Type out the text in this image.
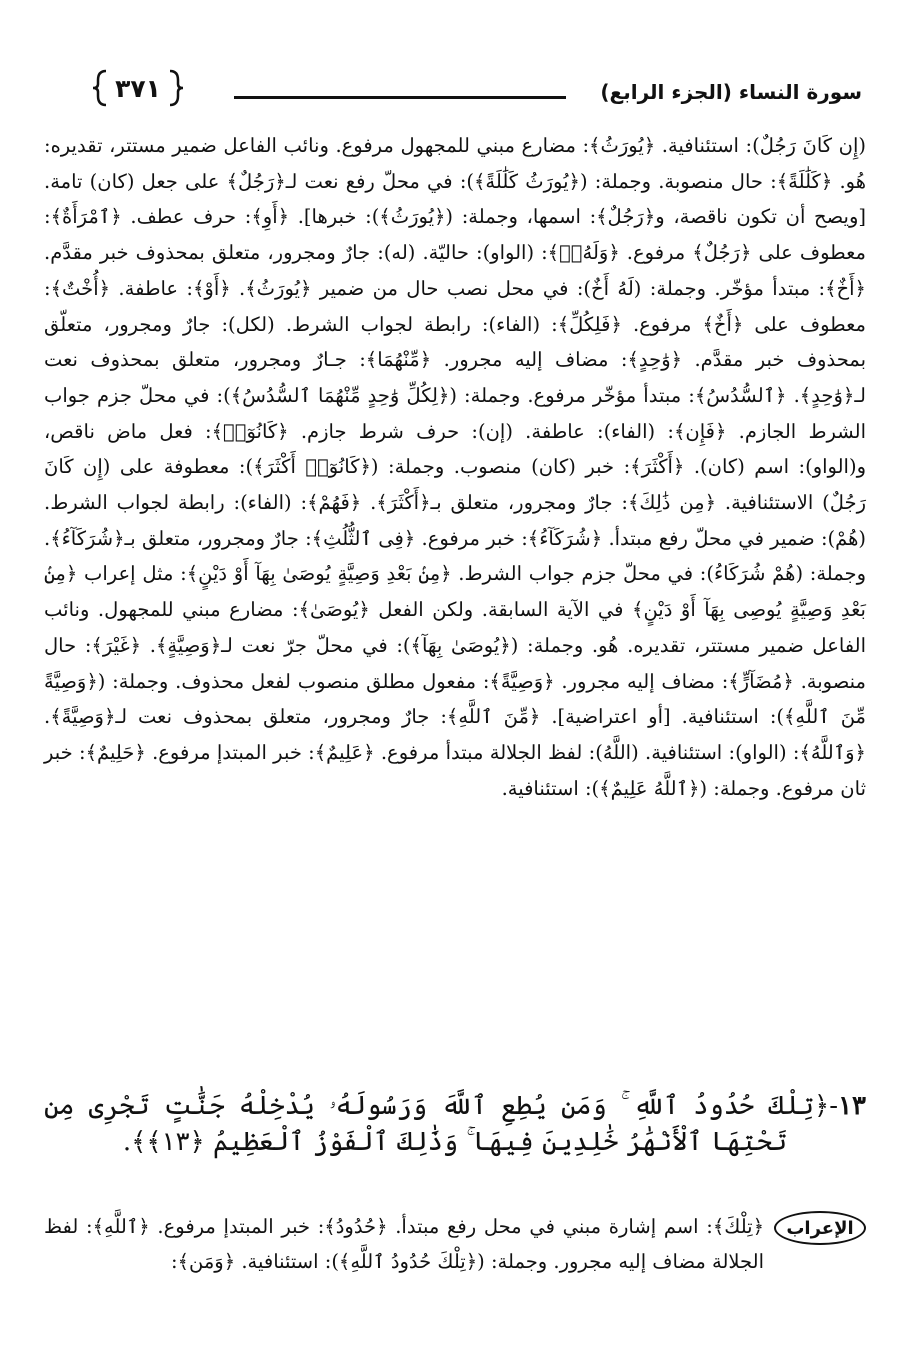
سورة النساء (الجزء الرابع)
٣٧١

(إِن كَانَ رَجُلٌ): استئنافية. ﴿يُورَثُ﴾: مضارع مبني للمجهول مرفوع. ونائب الفاعل ضمير مستتر، تقديره: هُو. ﴿كَلَٰلَةً﴾: حال منصوبة. وجملة: (﴿يُورَثُ كَلَٰلَةً﴾): في محلّ رفع نعت لـ﴿رَجُلٌ﴾ على جعل (كان) تامة. [ويصح أن تكون ناقصة، و﴿رَجُلٌ﴾: اسمها، وجملة: (﴿يُورَثُ﴾): خبرها]. ﴿أَوِ﴾: حرف عطف. ﴿ٱمْرَأَةٌ﴾: معطوف على ﴿رَجُلٌ﴾ مرفوع. ﴿وَلَهُۥٓ﴾: (الواو): حاليّة. (له): جارٌ ومجرور، متعلق بمحذوف خبر مقدَّم. ﴿أَخٌ﴾: مبتدأ مؤخّر. وجملة: (لَهُ أَخٌ): في محل نصب حال من ضمير ﴿يُورَثُ﴾. ﴿أَوْ﴾: عاطفة. ﴿أُخْتٌ﴾: معطوف على ﴿أَخٌ﴾ مرفوع. ﴿فَلِكُلِّ﴾: (الفاء): رابطة لجواب الشرط. (لكل): جارٌ ومجرور، متعلّق بمحذوف خبر مقدَّم. ﴿وَٰحِدٍ﴾: مضاف إليه مجرور. ﴿مِّنْهُمَا﴾: جـارٌ ومجرور، متعلق بمحذوف نعت لـ﴿وَٰحِدٍ﴾. ﴿ٱلسُّدُسُ﴾: مبتدأ مؤخّر مرفوع. وجملة: (﴿لِكُلِّ وَٰحِدٍ مِّنْهُمَا ٱلسُّدُسُ﴾): في محلّ جزم جواب الشرط الجازم. ﴿فَإِن﴾: (الفاء): عاطفة. (إن): حرف شرط جازم. ﴿كَانُوٓا۟﴾: فعل ماض ناقص، و(الواو): اسم (كان). ﴿أَكْثَرَ﴾: خبر (كان) منصوب. وجملة: (﴿كَانُوٓا۟ أَكْثَرَ﴾): معطوفة على (إِن كَانَ رَجُلٌ) الاستئنافية. ﴿مِن ذَٰلِكَ﴾: جارٌ ومجرور، متعلق بـ﴿أَكْثَرَ﴾. ﴿فَهُمْ﴾: (الفاء): رابطة لجواب الشرط. (هُمْ): ضمير في محلّ رفع مبتدأ. ﴿شُرَكَآءُ﴾: خبر مرفوع. ﴿فِى ٱلثُّلُثِ﴾: جارٌ ومجرور، متعلق بـ﴿شُرَكَآءُ﴾. وجملة: (هُمْ شُرَكَاءُ): في محلّ جزم جواب الشرط. ﴿مِنۢ بَعْدِ وَصِيَّةٍ يُوصَىٰ بِهَآ أَوْ دَيْنٍ﴾: مثل إعراب ﴿مِنۢ بَعْدِ وَصِيَّةٍ يُوصِى بِهَآ أَوْ دَيْنٍ﴾ في الآية السابقة. ولكن الفعل ﴿يُوصَىٰ﴾: مضارع مبني للمجهول. ونائب الفاعل ضمير مستتر، تقديره. هُو. وجملة: (﴿يُوصَىٰ بِهَآ﴾): في محلّ جرّ نعت لـ﴿وَصِيَّةٍ﴾. ﴿غَيْرَ﴾: حال منصوبة. ﴿مُضَآرٍّ﴾: مضاف إليه مجرور. ﴿وَصِيَّةً﴾: مفعول مطلق منصوب لفعل محذوف. وجملة: (﴿وَصِيَّةً مِّنَ ٱللَّهِ﴾): استئنافية. [أو اعتراضية]. ﴿مِّنَ ٱللَّهِ﴾: جارٌ ومجرور، متعلق بمحذوف نعت لـ﴿وَصِيَّةً﴾. ﴿وَٱللَّهُ﴾: (الواو): استئنافية. (اللَّهُ): لفظ الجلالة مبتدأ مرفوع. ﴿عَلِيمٌ﴾: خبر المبتدإ مرفوع. ﴿حَلِيمٌ﴾: خبر ثان مرفوع. وجملة: (﴿ٱللَّهُ عَلِيمٌ﴾): استئنافية.

١٣-﴿تِلْكَ حُدُودُ ٱللَّهِ ۚ وَمَن يُطِعِ ٱللَّهَ وَرَسُولَهُۥ يُدْخِلْهُ جَنَّٰتٍ تَجْرِى مِن تَحْتِهَا ٱلْأَنْهَٰرُ خَٰلِدِينَ فِيهَا ۚ وَذَٰلِكَ ٱلْفَوْزُ ٱلْعَظِيمُ ﴿١٣﴾﴾.
الإعراب
﴿تِلْكَ﴾: اسم إشارة مبني في محل رفع مبتدأ. ﴿حُدُودُ﴾: خبر المبتدإ مرفوع. ﴿ٱللَّهِ﴾: لفظ الجلالة مضاف إليه مجرور. وجملة: (﴿تِلْكَ حُدُودُ ٱللَّهِ﴾): استئنافية. ﴿وَمَن﴾:
